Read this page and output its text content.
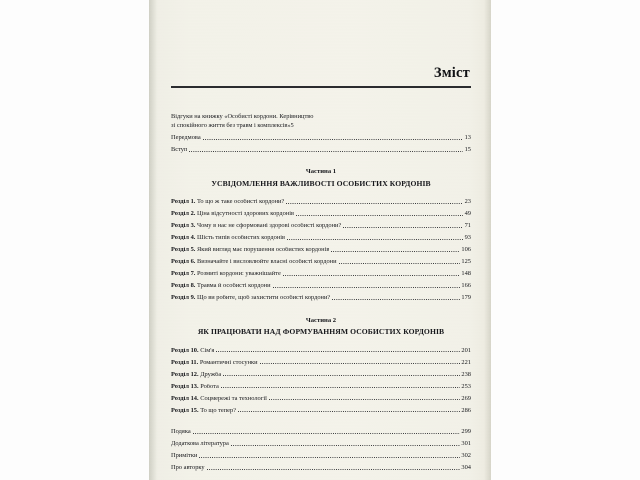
Зміст
Відгуки на книжку «Особисті кордони. Керівництво
зі спокійного життя без травм і комплексів» 5
Передмова	13
Вступ	15
Частина 1
УСВІДОМЛЕННЯ ВАЖЛИВОСТІ ОСОБИСТИХ КОРДОНІВ
Розділ 1. То що ж таке особисті кордони?	23
Розділ 2. Ціна відсутності здорових кордонів	49
Розділ 3. Чому в нас не сформовані здорові особисті кордони?	71
Розділ 4. Шість типів особистих кордонів	93
Розділ 5. Який вигляд має порушення особистих кордонів	106
Розділ 6. Визначайте і висловлюйте власні особисті кордони	125
Розділ 7. Розмиті кордони: уважнішайте	148
Розділ 8. Травма й особисті кордони	166
Розділ 9. Що ви робите, щоб захистити особисті кордони?	179
Частина 2
ЯК ПРАЦЮВАТИ НАД ФОРМУВАННЯМ ОСОБИСТИХ КОРДОНІВ
Розділ 10. Сім'я	201
Розділ 11. Романтичні стосунки	221
Розділ 12. Дружба	238
Розділ 13. Робота	253
Розділ 14. Соцмережі та технології	269
Розділ 15. То що тепер?	286
Подяка	299
Додаткова література	301
Примітки	302
Про авторку	304
